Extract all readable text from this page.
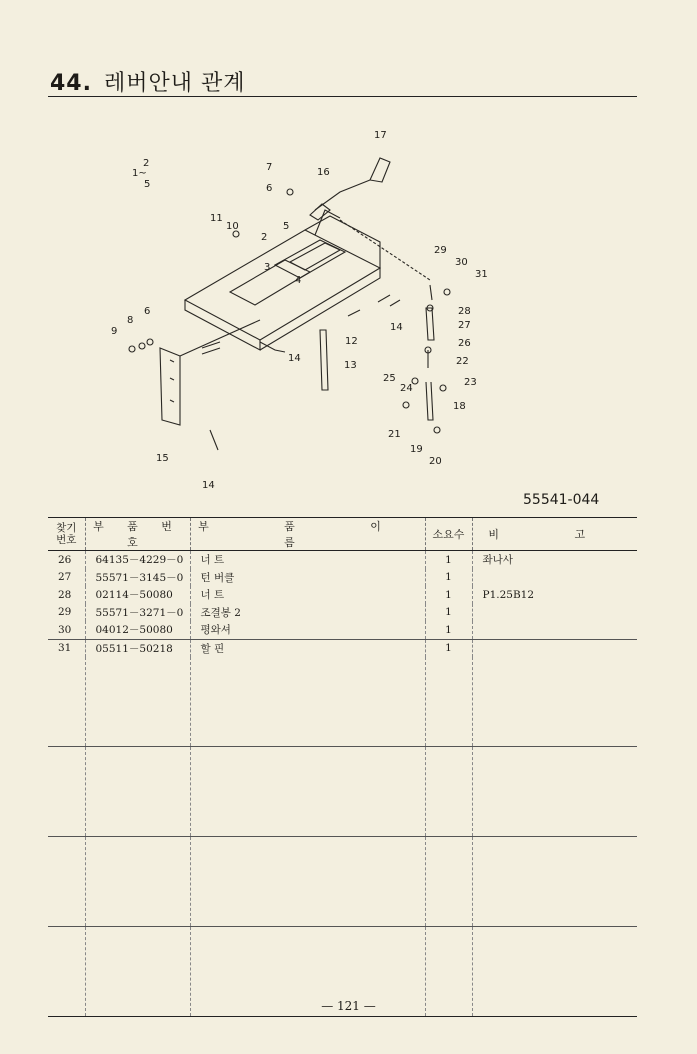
44. 레버안내 관계
2
1~
5
7
6
16
17
11
10
2
5
3
4
29
30
31
28
27
26
22
23
25
24
18
21
19
20
8
6
9
14
12
13
14
15
14
55541-044
찾기
번호	부 품 번 호	부 품 이 름	소요수	비 고
26	64135－4229－0	너 트	1	좌나사
27	55571－3145－0	턴 버클	1	
28	02114－50080	너 트	1	P1.25B12
29	55571－3271－0	조결봉 2	1	
30	04012－50080	평와셔	1	
31	05511－50218	할 핀	1	

— 121 —
